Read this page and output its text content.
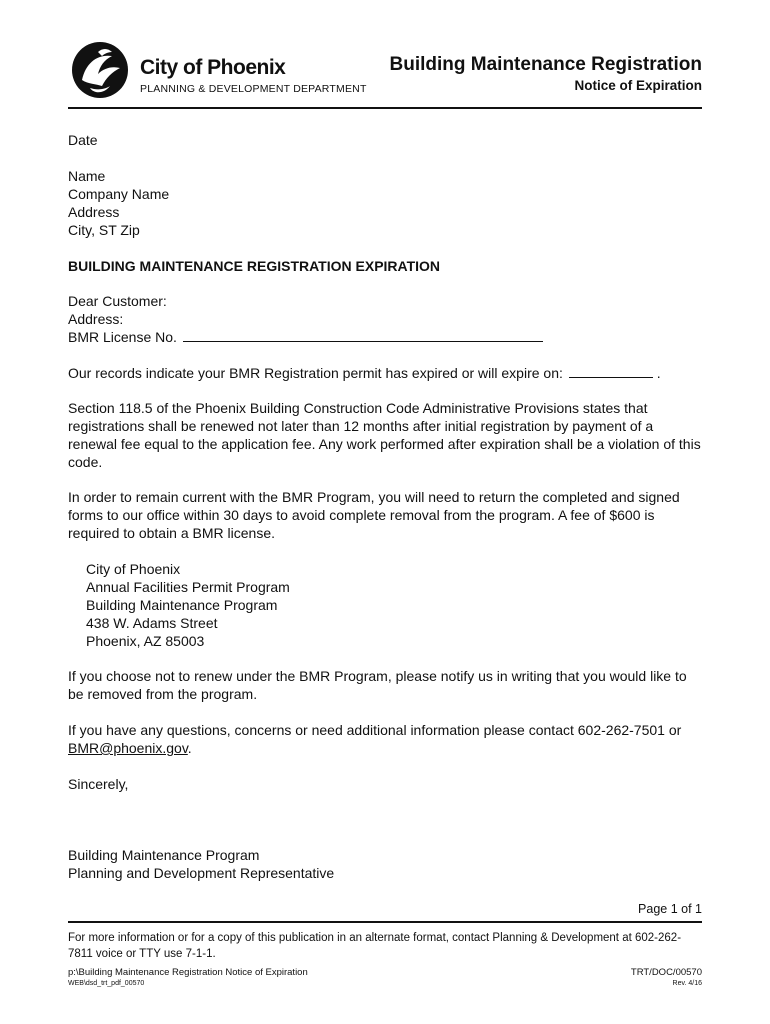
City of Phoenix
PLANNING & DEVELOPMENT DEPARTMENT
Building Maintenance Registration
Notice of Expiration
Date
Name
Company Name
Address
City, ST Zip
BUILDING MAINTENANCE REGISTRATION EXPIRATION
Dear Customer:
Address:
BMR License No.
Our records indicate your BMR Registration permit has expired or will expire on:	.
Section 118.5 of the Phoenix Building Construction Code Administrative Provisions states that registrations shall be renewed not later than 12 months after initial registration by payment of a renewal fee equal to the application fee. Any work performed after expiration shall be a violation of this code.
In order to remain current with the BMR Program, you will need to return the completed and signed forms to our office within 30 days to avoid complete removal from the program. A fee of $600 is required to obtain a BMR license.
City of Phoenix
Annual Facilities Permit Program
Building Maintenance Program
438 W. Adams Street
Phoenix, AZ 85003
If you choose not to renew under the BMR Program, please notify us in writing that you would like to be removed from the program.
If you have any questions, concerns or need additional information please contact 602-262-7501 or BMR@phoenix.gov.
Sincerely,
Building Maintenance Program
Planning and Development Representative
Page 1 of 1
For more information or for a copy of this publication in an alternate format, contact Planning & Development at 602-262-7811 voice or TTY use 7-1-1.
p:\Building Maintenance Registration Notice of Expiration
WEB\dsd_trt_pdf_00570
TRT/DOC/00570
Rev. 4/16
